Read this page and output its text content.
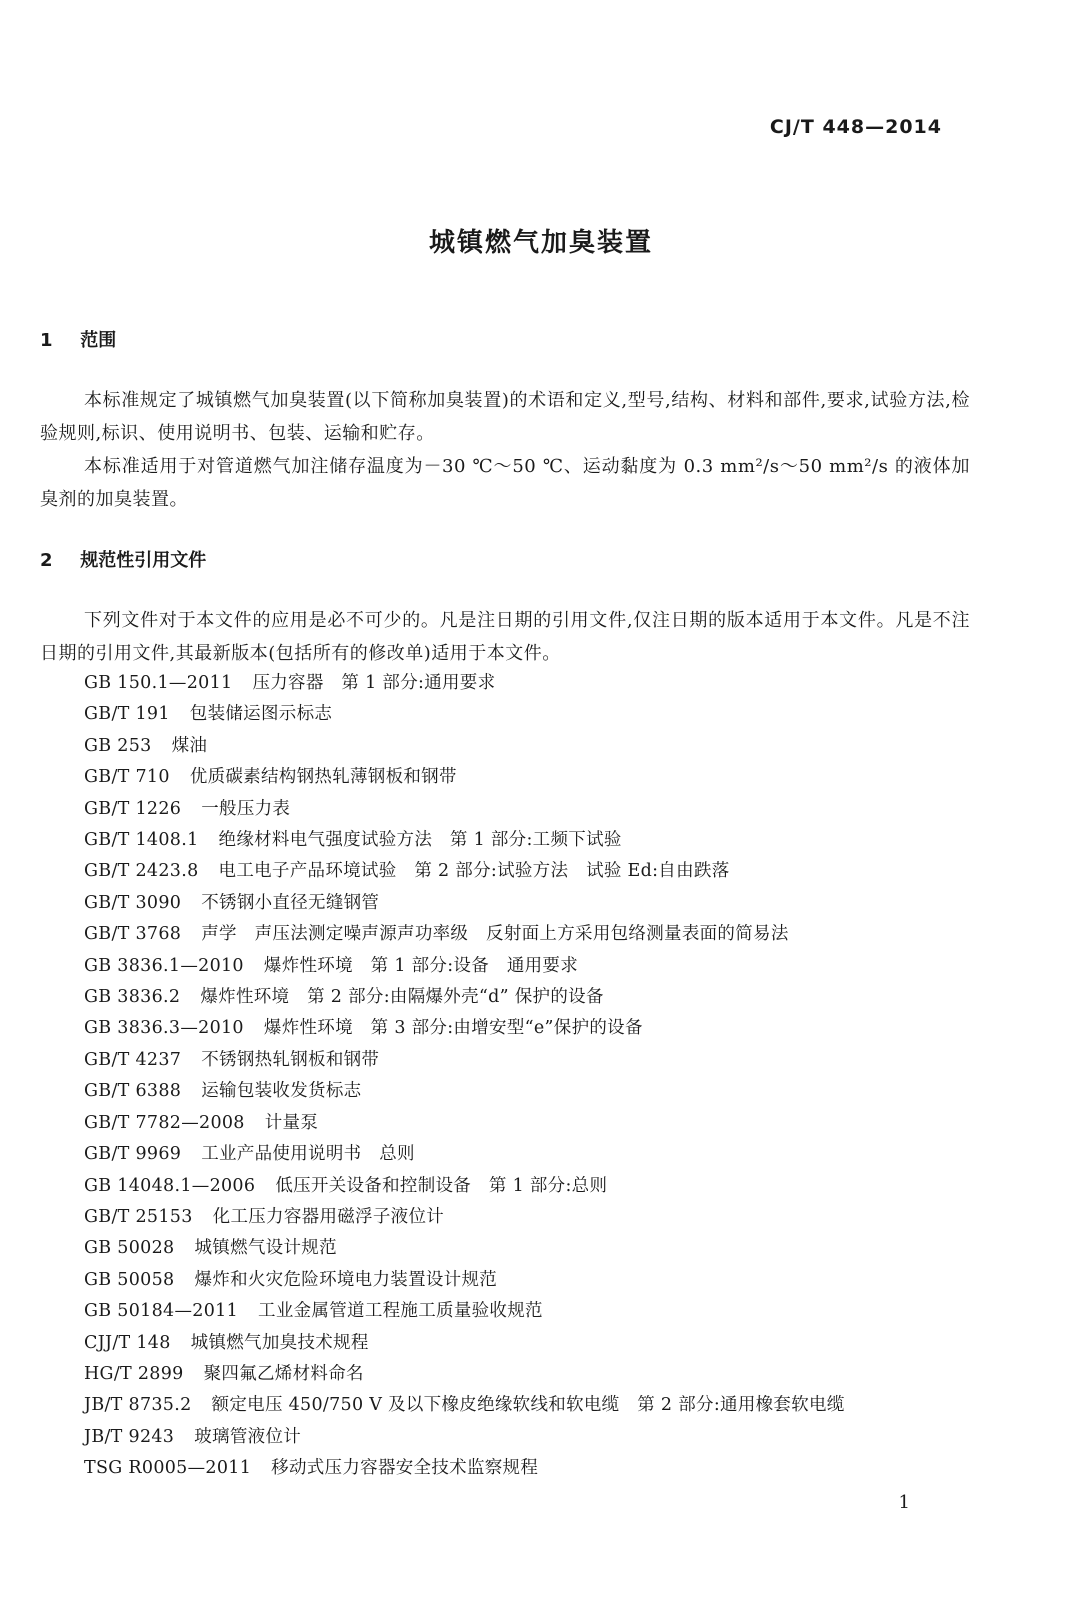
CJ/T 448—2014
城镇燃气加臭装置
1 范围

本标准规定了城镇燃气加臭装置(以下简称加臭装置)的术语和定义,型号,结构、材料和部件,要求,试验方法,检验规则,标识、使用说明书、包装、运输和贮存。

本标准适用于对管道燃气加注储存温度为－30 ℃～50 ℃、运动黏度为 0.3 mm²/s～50 mm²/s 的液体加臭剂的加臭装置。

2 规范性引用文件

下列文件对于本文件的应用是必不可少的。凡是注日期的引用文件,仅注日期的版本适用于本文件。凡是不注日期的引用文件,其最新版本(包括所有的修改单)适用于本文件。

GB 150.1—2011 压力容器　第 1 部分:通用要求
GB/T 191 包装储运图示标志
GB 253 煤油
GB/T 710 优质碳素结构钢热轧薄钢板和钢带
GB/T 1226 一般压力表
GB/T 1408.1 绝缘材料电气强度试验方法　第 1 部分:工频下试验
GB/T 2423.8 电工电子产品环境试验　第 2 部分:试验方法　试验 Ed:自由跌落
GB/T 3090 不锈钢小直径无缝钢管
GB/T 3768 声学　声压法测定噪声源声功率级　反射面上方采用包络测量表面的简易法
GB 3836.1—2010 爆炸性环境　第 1 部分:设备　通用要求
GB 3836.2 爆炸性环境　第 2 部分:由隔爆外壳“d” 保护的设备
GB 3836.3—2010 爆炸性环境　第 3 部分:由增安型“e”保护的设备
GB/T 4237 不锈钢热轧钢板和钢带
GB/T 6388 运输包装收发货标志
GB/T 7782—2008 计量泵
GB/T 9969 工业产品使用说明书　总则
GB 14048.1—2006 低压开关设备和控制设备　第 1 部分:总则
GB/T 25153 化工压力容器用磁浮子液位计
GB 50028 城镇燃气设计规范
GB 50058 爆炸和火灾危险环境电力装置设计规范
GB 50184—2011 工业金属管道工程施工质量验收规范
CJJ/T 148 城镇燃气加臭技术规程
HG/T 2899 聚四氟乙烯材料命名
JB/T 8735.2 额定电压 450/750 V 及以下橡皮绝缘软线和软电缆　第 2 部分:通用橡套软电缆
JB/T 9243 玻璃管液位计
TSG R0005—2011 移动式压力容器安全技术监察规程
1
